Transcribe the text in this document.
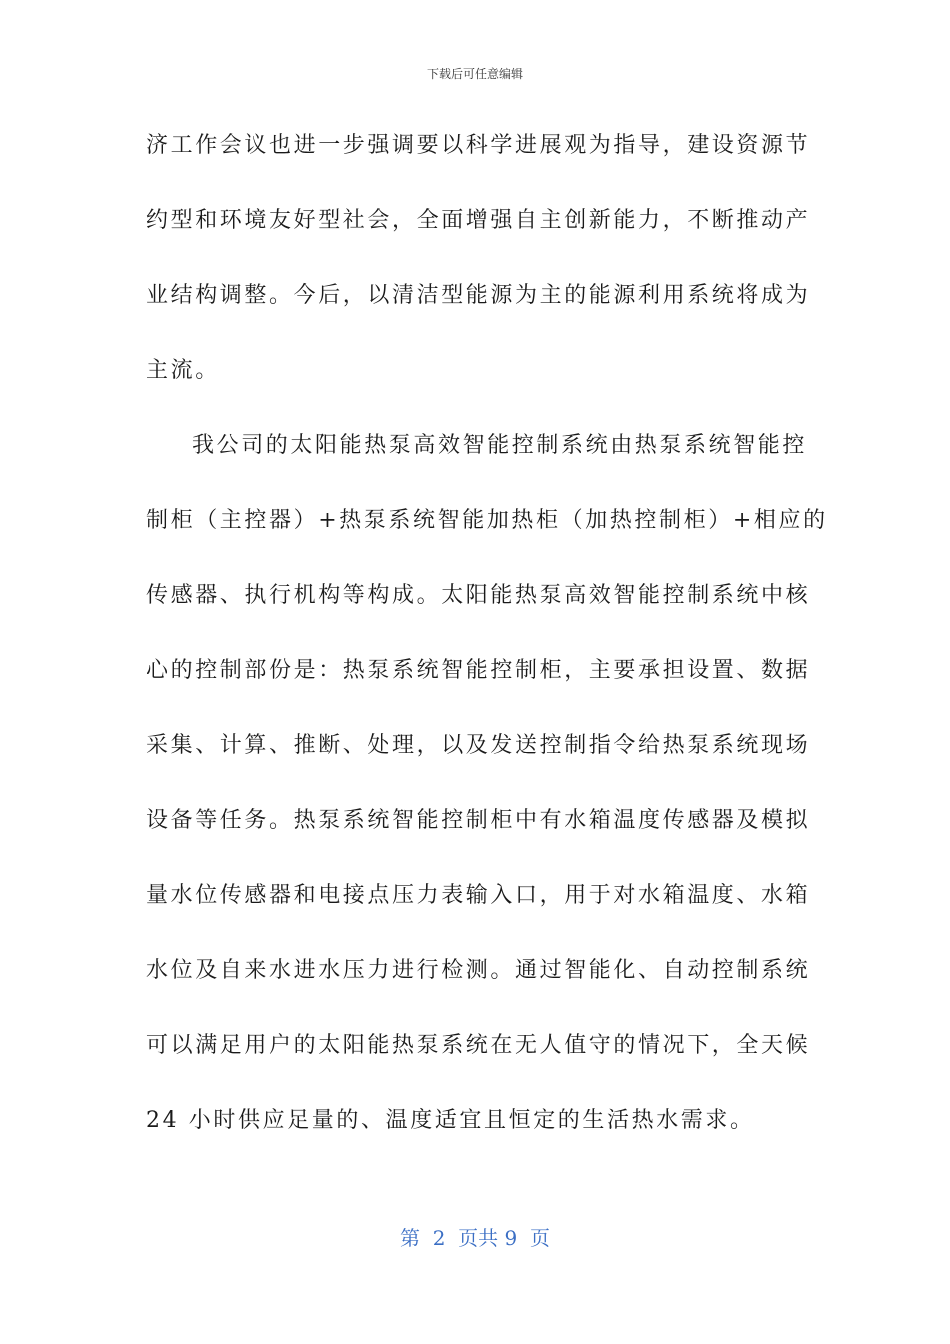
下载后可任意编辑
济工作会议也进一步强调要以科学进展观为指导，建设资源节
约型和环境友好型社会，全面增强自主创新能力，不断推动产
业结构调整。今后，以清洁型能源为主的能源利用系统将成为
主流。
我公司的太阳能热泵高效智能控制系统由热泵系统智能控
制柜（主控器）+热泵系统智能加热柜（加热控制柜）+相应的
传感器、执行机构等构成。太阳能热泵高效智能控制系统中核
心的控制部份是：热泵系统智能控制柜，主要承担设置、数据
采集、计算、推断、处理，以及发送控制指令给热泵系统现场
设备等任务。热泵系统智能控制柜中有水箱温度传感器及模拟
量水位传感器和电接点压力表输入口，用于对水箱温度、水箱
水位及自来水进水压力进行检测。通过智能化、自动控制系统
可以满足用户的太阳能热泵系统在无人值守的情况下，全天候
24 小时供应足量的、温度适宜且恒定的生活热水需求。
第  2  页共 9  页
